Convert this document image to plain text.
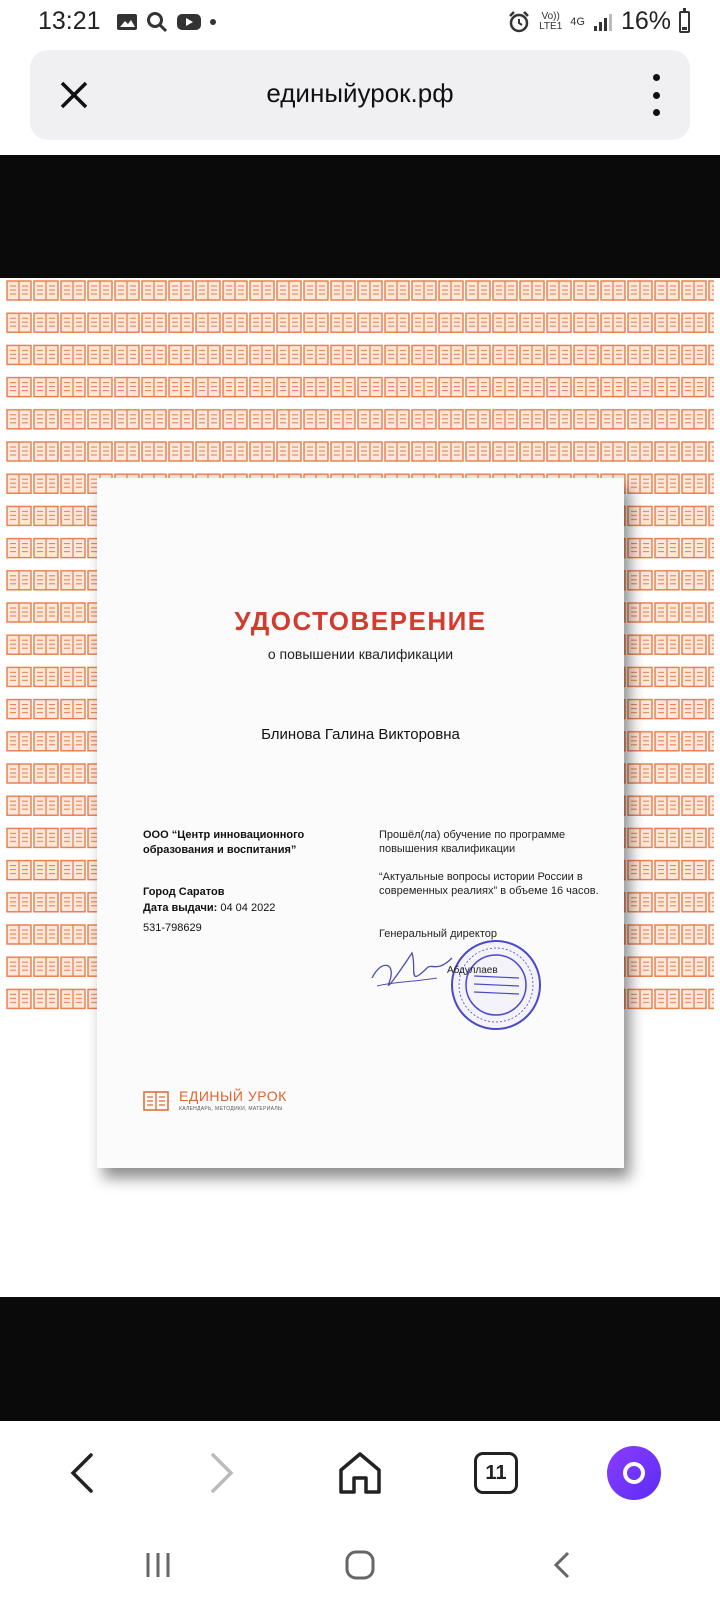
13:21	Vo))
LTE1 4G 16%
единыйурок.рф
УДОСТОВЕРЕНИЕ
о повышении квалификации
Блинова Галина Викторовна
ООО “Центр инновационного образования и воспитания”
Город Саратов
Дата выдачи: 04 04 2022
531-798629
Прошёл(ла) обучение по программе повышения квалификации
“Актуальные вопросы истории России в современных реалиях” в объеме 16 часов.
Генеральный директор
Абдуллаев
ЕДИНЫЙ УРОК
КАЛЕНДАРЬ, МЕТОДИКИ, МАТЕРИАЛЫ
11
